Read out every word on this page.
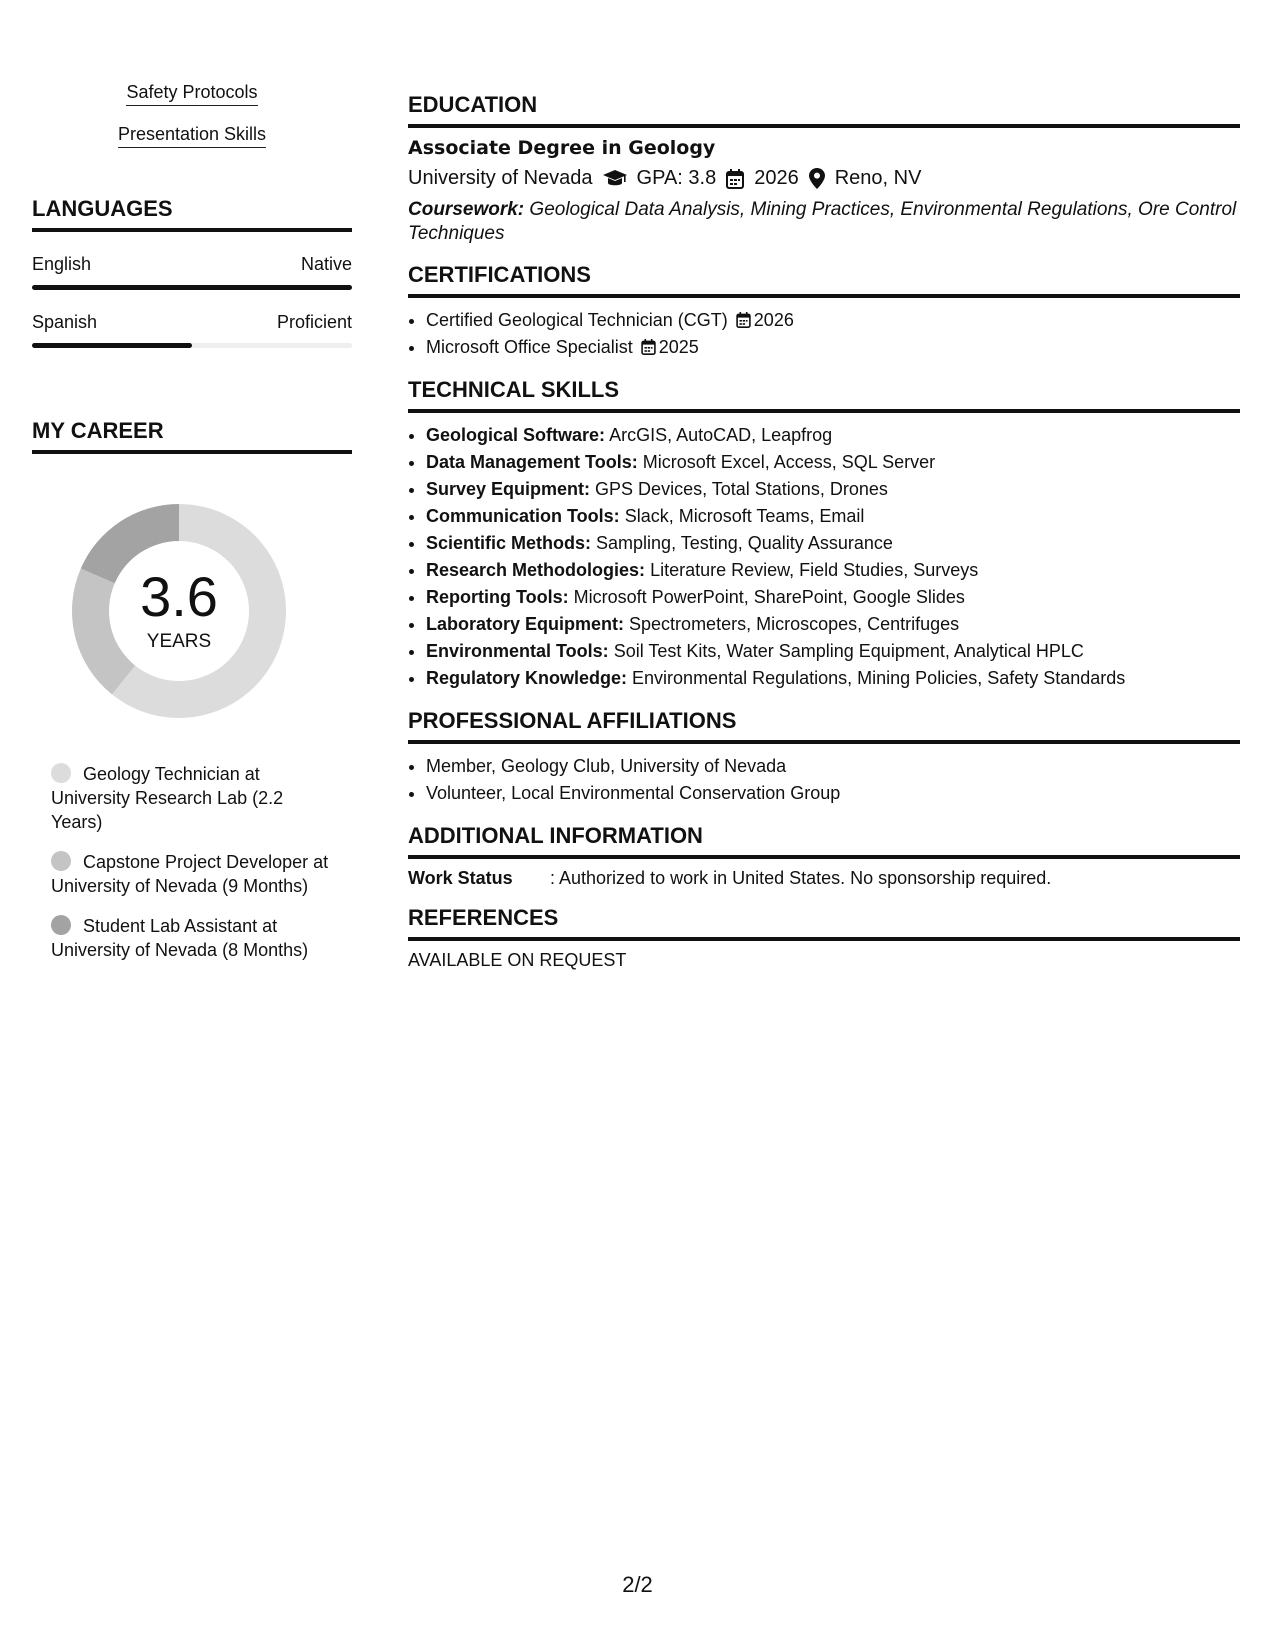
Safety Protocols
Presentation Skills
LANGUAGES
English	Native
Spanish	Proficient
MY CAREER
3.6
YEARS
Geology Technician at University Research Lab (2.2 Years)
Capstone Project Developer at University of Nevada (9 Months)
Student Lab Assistant at University of Nevada (8 Months)
EDUCATION
Associate Degree in Geology
University of Nevada GPA: 3.8 2026 Reno, NV
Coursework: Geological Data Analysis, Mining Practices, Environmental Regulations, Ore Control Techniques
CERTIFICATIONS
• Certified Geological Technician (CGT) 2026
• Microsoft Office Specialist 2025
TECHNICAL SKILLS
• Geological Software: ArcGIS, AutoCAD, Leapfrog
• Data Management Tools: Microsoft Excel, Access, SQL Server
• Survey Equipment: GPS Devices, Total Stations, Drones
• Communication Tools: Slack, Microsoft Teams, Email
• Scientific Methods: Sampling, Testing, Quality Assurance
• Research Methodologies: Literature Review, Field Studies, Surveys
• Reporting Tools: Microsoft PowerPoint, SharePoint, Google Slides
• Laboratory Equipment: Spectrometers, Microscopes, Centrifuges
• Environmental Tools: Soil Test Kits, Water Sampling Equipment, Analytical HPLC
• Regulatory Knowledge: Environmental Regulations, Mining Policies, Safety Standards
PROFESSIONAL AFFILIATIONS
• Member, Geology Club, University of Nevada
• Volunteer, Local Environmental Conservation Group
ADDITIONAL INFORMATION
Work Status	: Authorized to work in United States. No sponsorship required.
REFERENCES
AVAILABLE ON REQUEST
2/2
